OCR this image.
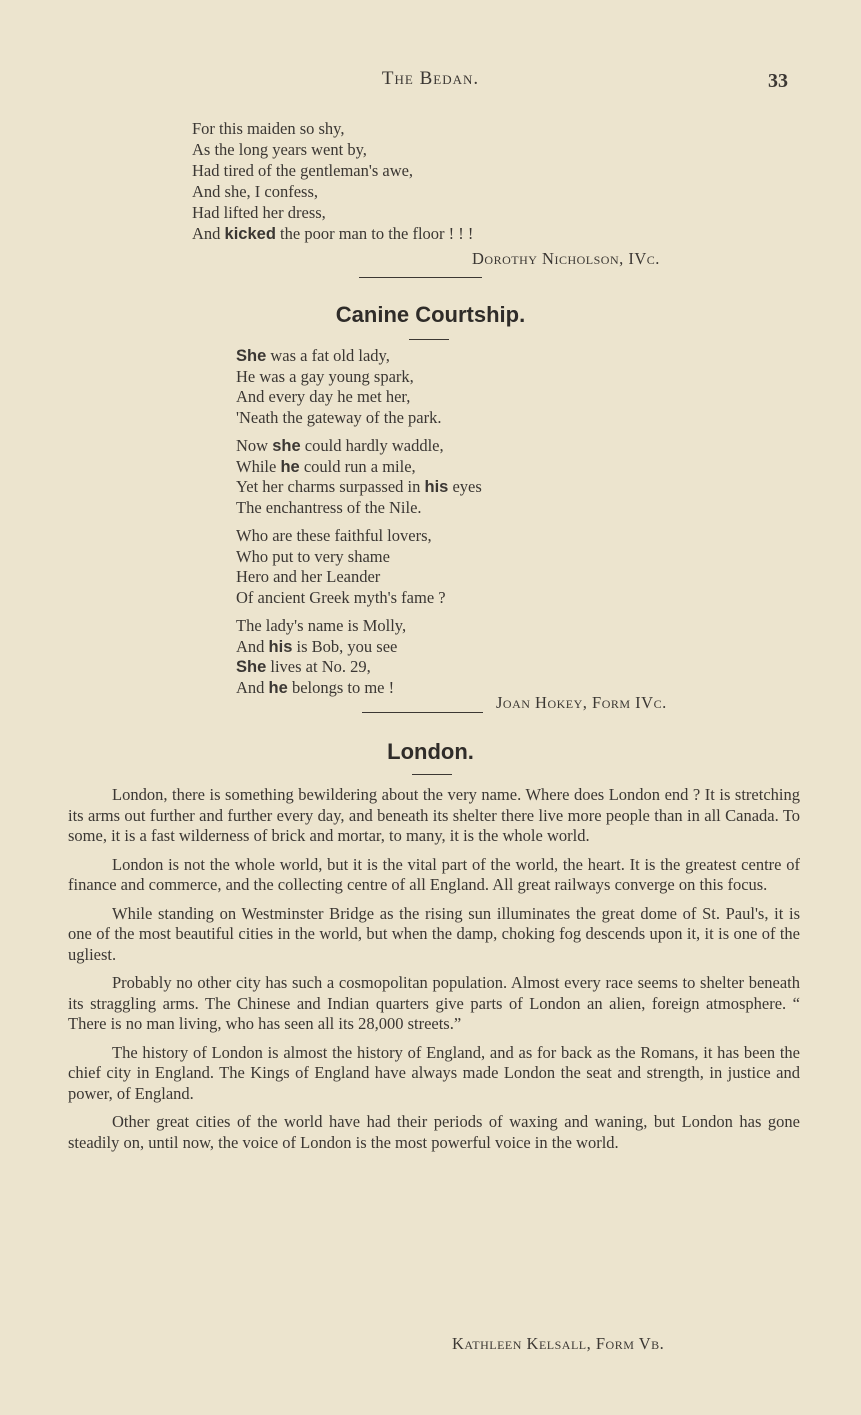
The Bedan.	33
For this maiden so shy,
As the long years went by,
Had tired of the gentleman's awe,
And she, I confess,
Had lifted her dress,
And kicked the poor man to the floor ! ! !
Dorothy Nicholson, IVc.
Canine Courtship.
She was a fat old lady,
He was a gay young spark,
And every day he met her,
'Neath the gateway of the park.
Now she could hardly waddle,
While he could run a mile,
Yet her charms surpassed in his eyes
The enchantress of the Nile.
Who are these faithful lovers,
Who put to very shame
Hero and her Leander
Of ancient Greek myth's fame ?
The lady's name is Molly,
And his is Bob, you see
She lives at No. 29,
And he belongs to me !
Joan Hokey, Form IVc.
London.

London, there is something bewildering about the very name. Where does London end ? It is stretching its arms out further and further every day, and beneath its shelter there live more people than in all Canada. To some, it is a fast wilderness of brick and mortar, to many, it is the whole world.

London is not the whole world, but it is the vital part of the world, the heart. It is the greatest centre of finance and commerce, and the collecting centre of all England. All great railways converge on this focus.

While standing on Westminster Bridge as the rising sun illuminates the great dome of St. Paul's, it is one of the most beautiful cities in the world, but when the damp, choking fog descends upon it, it is one of the ugliest.

Probably no other city has such a cosmopolitan population. Almost every race seems to shelter beneath its straggling arms. The Chinese and Indian quarters give parts of London an alien, foreign atmosphere. “ There is no man living, who has seen all its 28,000 streets.”

The history of London is almost the history of England, and as for back as the Romans, it has been the chief city in England. The Kings of England have always made London the seat and strength, in justice and power, of England.

Other great cities of the world have had their periods of waxing and waning, but London has gone steadily on, until now, the voice of London is the most powerful voice in the world.

Kathleen Kelsall, Form Vb.
